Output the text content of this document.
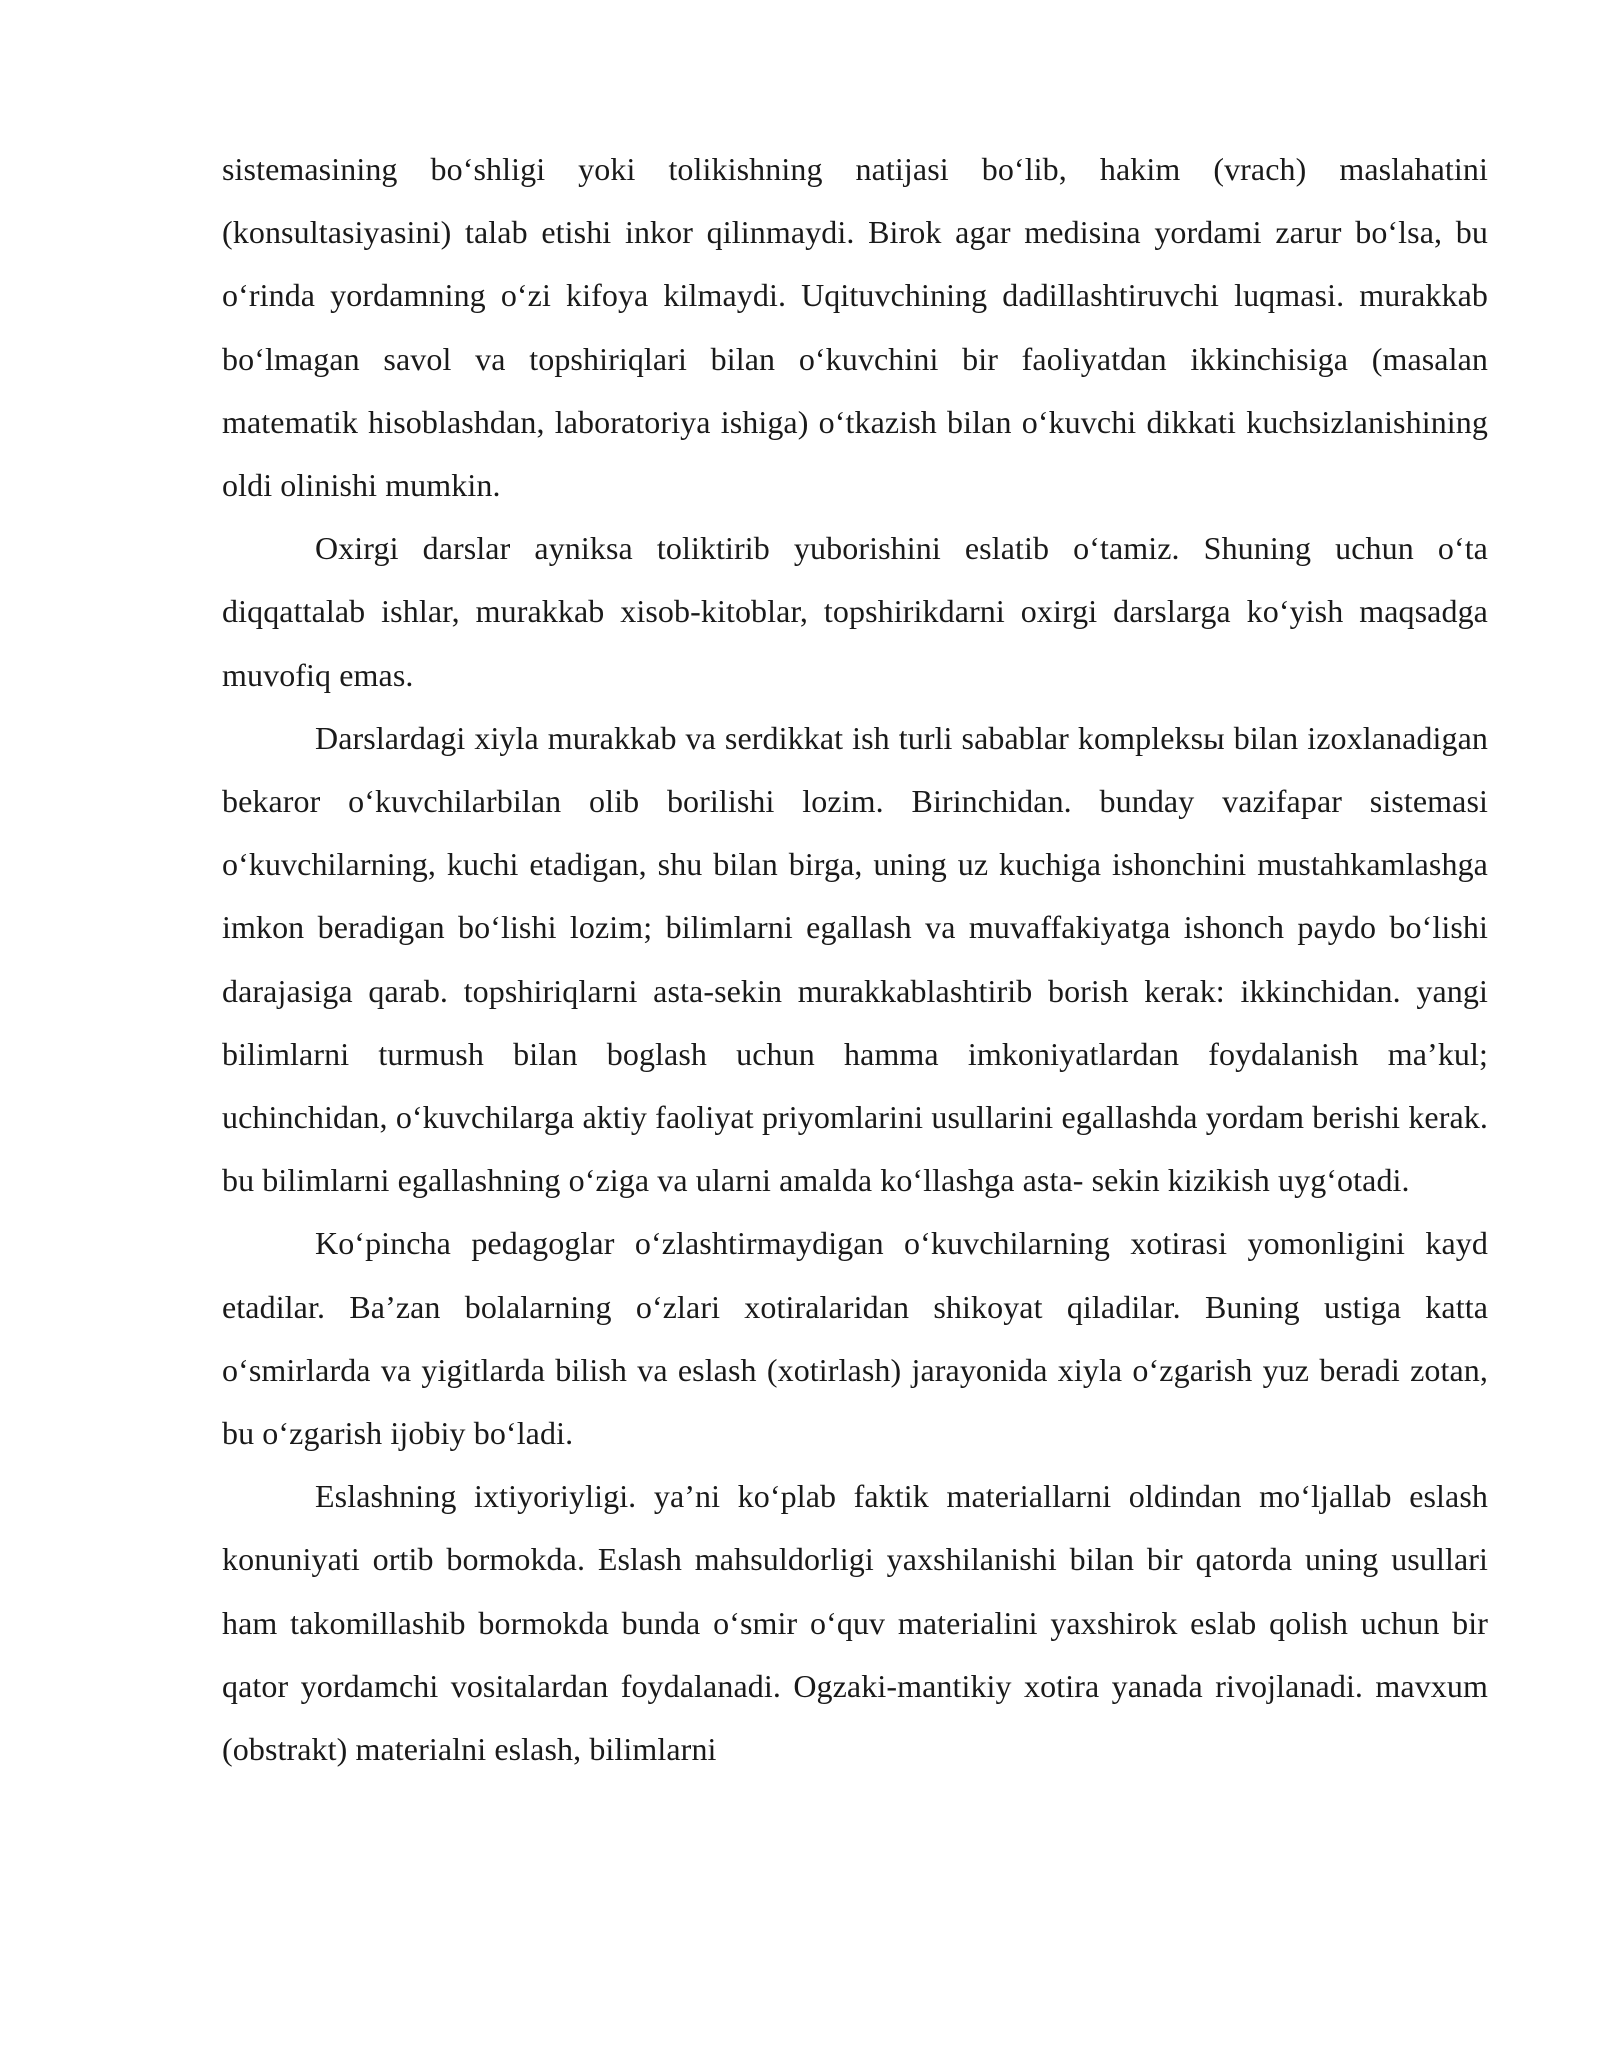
sistemasining bo‘shligi yoki tolikishning natijasi bo‘lib, hakim (vrach) maslahatini (konsultasiyasini) talab etishi inkor qilinmaydi. Birok agar medisina yordami zarur bo‘lsa, bu o‘rinda yordamning o‘zi kifoya kilmaydi. Uqituvchining dadillashtiruvchi luqmasi. murakkab bo‘lmagan savol va topshiriqlari bilan o‘kuvchini bir faoliyatdan ikkinchisiga (masalan matematik hisoblashdan, laboratoriya ishiga) o‘tkazish bilan o‘kuvchi dikkati kuchsizlanishining oldi olinishi mumkin.

Oxirgi darslar ayniksa toliktirib yuborishini eslatib o‘tamiz. Shuning uchun o‘ta diqqattalab ishlar, murakkab xisob-kitoblar, topshirikdarni oxirgi darslarga ko‘yish maqsadga muvofiq emas.

Darslardagi xiyla murakkab va serdikkat ish turli sabablar kompleksы bilan izoxlanadigan bekaror o‘kuvchilarbilan olib borilishi lozim. Birinchidan. bunday vazifapar sistemasi o‘kuvchilarning, kuchi etadigan, shu bilan birga, uning uz kuchiga ishonchini mustahkamlashga imkon beradigan bo‘lishi lozim; bilimlarni egallash va muvaffakiyatga ishonch paydo bo‘lishi darajasiga qarab. topshiriqlarni asta-sekin murakkablashtirib borish kerak: ikkinchidan. yangi bilimlarni turmush bilan boglash uchun hamma imkoniyatlardan foydalanish ma’kul; uchinchidan, o‘kuvchilarga aktiy faoliyat priyomlarini usullarini egallashda yordam berishi kerak. bu bilimlarni egallashning o‘ziga va ularni amalda ko‘llashga asta- sekin kizikish uyg‘otadi.

Ko‘pincha pedagoglar o‘zlashtirmaydigan o‘kuvchilarning xotirasi yomonligini kayd etadilar. Ba’zan bolalarning o‘zlari xotiralaridan shikoyat qiladilar. Buning ustiga katta o‘smirlarda va yigitlarda bilish va eslash (xotirlash) jarayonida xiyla o‘zgarish yuz beradi zotan, bu o‘zgarish ijobiy bo‘ladi.

Eslashning ixtiyoriyligi. ya’ni ko‘plab faktik materiallarni oldindan mo‘ljallab eslash konuniyati ortib bormokda. Eslash mahsuldorligi yaxshilanishi bilan bir qatorda uning usullari ham takomillashib bormokda bunda o‘smir o‘quv materialini yaxshirok eslab qolish uchun bir qator yordamchi vositalardan foydalanadi. Ogzaki-mantikiy xotira yanada rivojlanadi. mavxum (obstrakt) materialni eslash, bilimlarni
